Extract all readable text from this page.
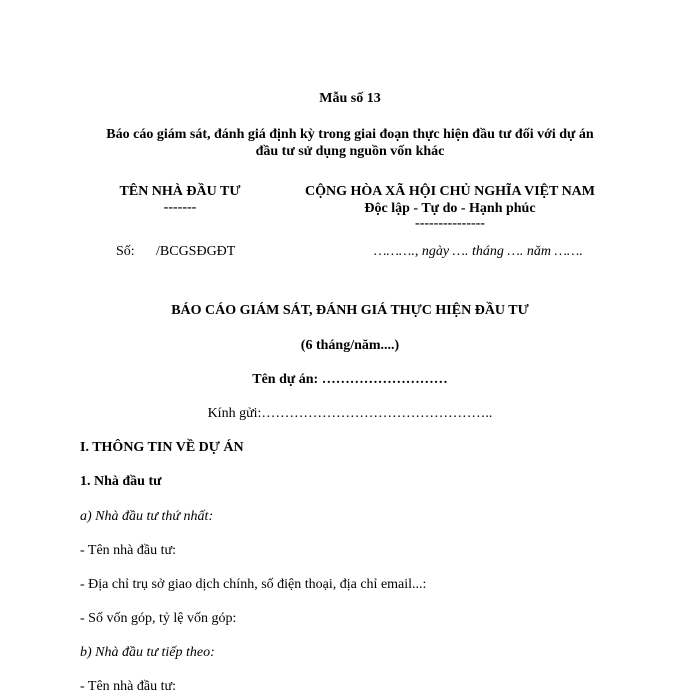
Mẫu số 13
Báo cáo giám sát, đánh giá định kỳ trong giai đoạn thực hiện đầu tư đối với dự án
đầu tư sử dụng nguồn vốn khác
TÊN NHÀ ĐẦU TƯ
-------
CỘNG HÒA XÃ HỘI CHỦ NGHĨA VIỆT NAM
Độc lập - Tự do - Hạnh phúc
---------------
Số: /BCGSĐGĐT	………., ngày …. tháng …. năm …….
BÁO CÁO GIÁM SÁT, ĐÁNH GIÁ THỰC HIỆN ĐẦU TƯ
(6 tháng/năm....)
Tên dự án: ………………………
Kính gửi:…………………………………………..
I. THÔNG TIN VỀ DỰ ÁN
1. Nhà đầu tư
a) Nhà đầu tư thứ nhất:
- Tên nhà đầu tư:
- Địa chỉ trụ sở giao dịch chính, số điện thoại, địa chỉ email...:
- Số vốn góp, tỷ lệ vốn góp:
b) Nhà đầu tư tiếp theo:
- Tên nhà đầu tư:
